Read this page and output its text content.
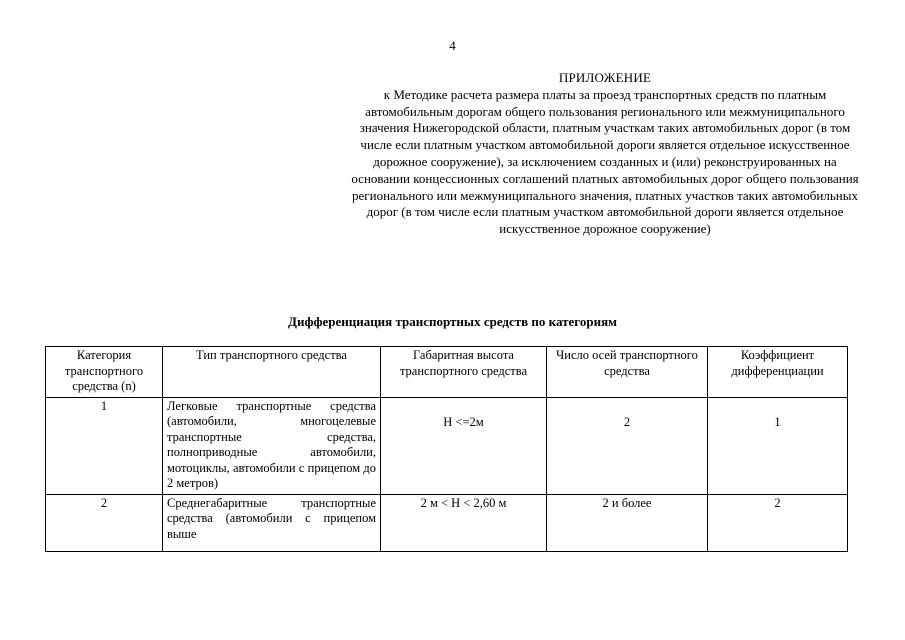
4
ПРИЛОЖЕНИЕ
к Методике расчета размера платы за проезд транспортных средств по платным автомобильным дорогам общего пользования регионального или межмуниципального значения Нижегородской области, платным участкам таких автомобильных дорог (в том числе если платным участком автомобильной дороги является отдельное искусственное дорожное сооружение), за исключением созданных и (или) реконструированных на основании концессионных соглашений платных автомобильных дорог общего пользования регионального или межмуниципального значения, платных участков таких автомобильных дорог (в том числе если платным участком автомобильной дороги является отдельное искусственное дорожное сооружение)
Дифференциация транспортных средств по категориям
Категория транспортного средства (n)	Тип транспортного средства	Габаритная высота транспортного средства	Число осей транспортного средства	Коэффициент дифференциации
1	Легковые транспортные средства (автомобили, многоцелевые транспортные средства, полноприводные автомобили, мотоциклы, автомобили с прицепом до 2 метров)	H <=2м	2	1
2	Среднегабаритные транспортные средства (автомобили с прицепом выше	2 м < H < 2,60 м	2 и более	2
